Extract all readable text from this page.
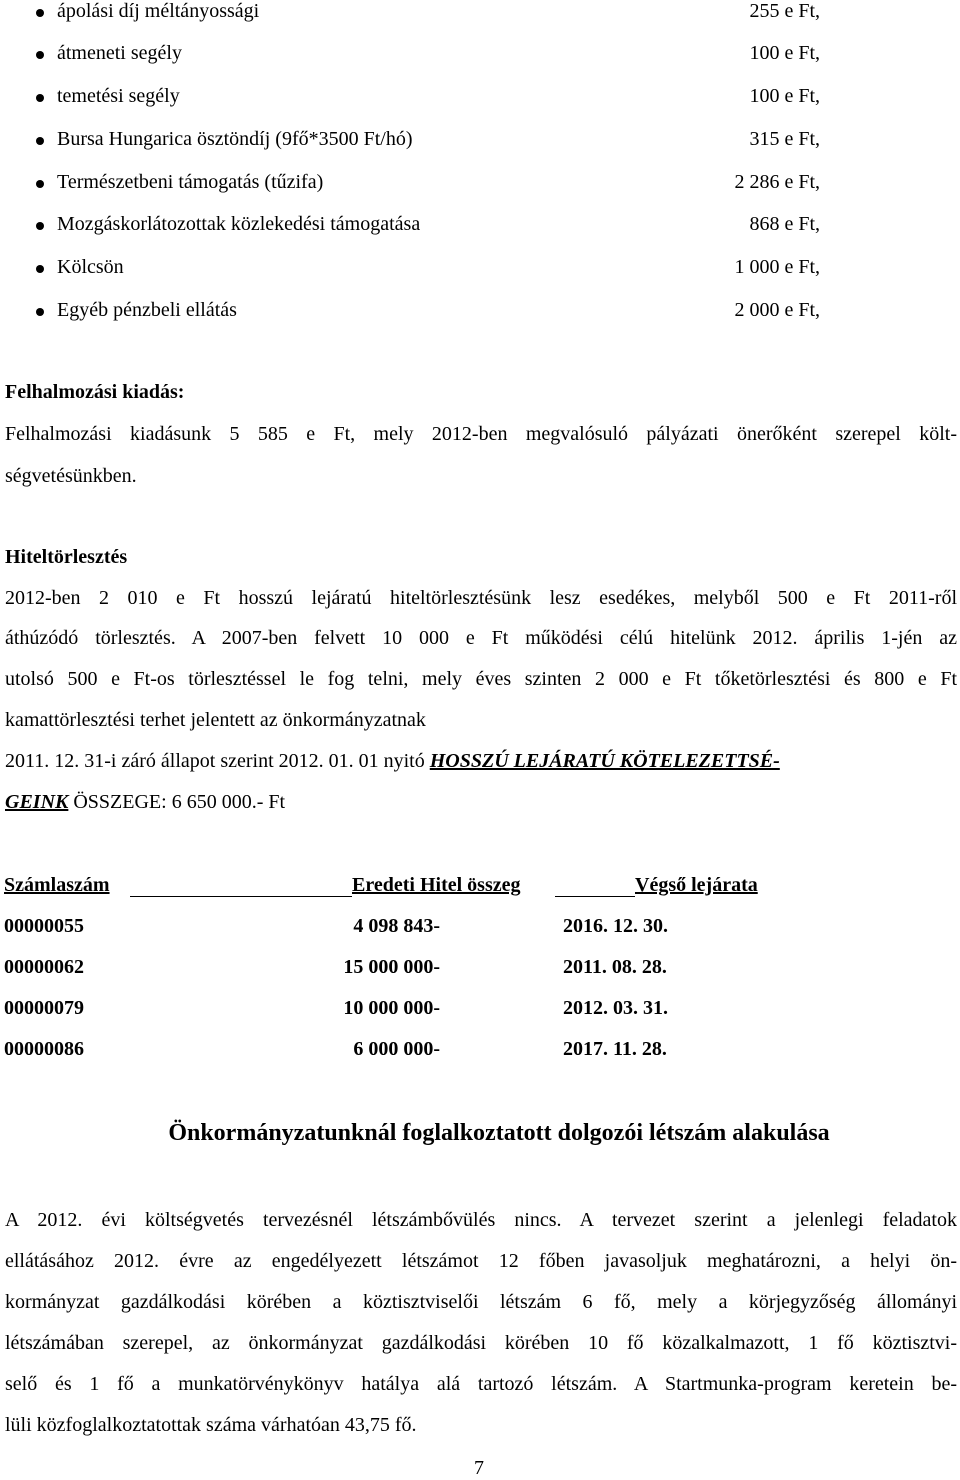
ápolási díj méltányossági	255 e Ft,
átmeneti segély	100 e Ft,
temetési segély	100 e Ft,
Bursa Hungarica ösztöndíj (9fő*3500 Ft/hó)	315 e Ft,
Természetbeni támogatás (tűzifa)	2 286 e Ft,
Mozgáskorlátozottak közlekedési támogatása	868 e Ft,
Kölcsön	1 000 e Ft,
Egyéb pénzbeli ellátás	2 000 e Ft,
Felhalmozási kiadás:
Felhalmozási kiadásunk 5 585 e Ft, mely 2012-ben megvalósuló pályázati önerőként szerepel költ-
ségvetésünkben.
Hiteltörlesztés
2012-ben 2 010 e Ft hosszú lejáratú hiteltörlesztésünk lesz esedékes, melyből 500 e Ft 2011-ről
áthúzódó törlesztés. A 2007-ben felvett 10 000 e Ft működési célú hitelünk 2012. április 1-jén az
utolsó 500 e Ft-os törlesztéssel le fog telni, mely éves szinten 2 000 e Ft tőketörlesztési és 800 e Ft
kamattörlesztési terhet jelentett az önkormányzatnak
2011. 12. 31-i záró állapot szerint 2012. 01. 01 nyitó HOSSZÚ LEJÁRATÚ KÖTELEZETTSÉ-
GEINK ÖSSZEGE: 6 650 000.- Ft
Számlaszám	Eredeti Hitel összeg	Végső lejárata
00000055	4 098 843-	2016. 12. 30.
00000062	15 000 000-	2011. 08. 28.
00000079	10 000 000-	2012. 03. 31.
00000086	6 000 000-	2017. 11. 28.
Önkormányzatunknál foglalkoztatott dolgozói létszám alakulása
A 2012. évi költségvetés tervezésnél létszámbővülés nincs. A tervezet szerint a jelenlegi feladatok
ellátásához 2012. évre az engedélyezett létszámot 12 főben javasoljuk meghatározni, a helyi ön-
kormányzat gazdálkodási körében a köztisztviselői létszám 6 fő, mely a körjegyzőség állományi
létszámában szerepel, az önkormányzat gazdálkodási körében 10 fő közalkalmazott, 1 fő köztisztvi-
selő és 1 fő a munkatörvénykönyv hatálya alá tartozó létszám. A Startmunka-program keretein be-
lüli közfoglalkoztatottak száma várhatóan 43,75 fő.
7
